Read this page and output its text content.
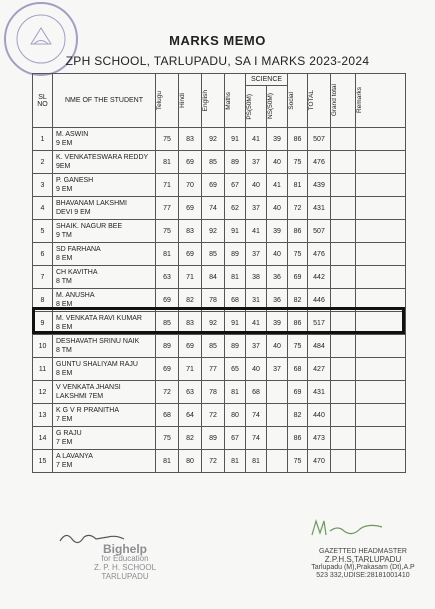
MARKS MEMO
ZPH SCHOOL, TARLUPADU, SA I MARKS 2023-2024
SL NO	NME OF THE STUDENT	Telugu	Hindi	English	Maths	SCIENCE		Social	TOTAL	Grand total	Remarks

						PS(50M)	NS(50M)				

1	M. ASWIN
9 EM	75	83	92	91	41	39	86	507		
2	K. VENKATESWARA REDDY
9EM	81	69	85	89	37	40	75	476		
3	P. GANESH
9 EM	71	70	69	67	40	41	81	439		
4	BHAVANAM LAKSHMI
DEVI 9 EM	77	69	74	62	37	40	72	431		
5	SHAIK. NAGUR BEE
9 TM	75	83	92	91	41	39	86	507		
6	SD FARHANA
8 EM	81	69	85	89	37	40	75	476		
7	CH KAVITHA
8 TM	63	71	84	81	38	36	69	442		
8	M. ANUSHA
8 EM	69	82	78	68	31	36	82	446		
9	M. VENKATA RAVI KUMAR
8 EM	85	83	92	91	41	39	86	517		
10	DESHAVATH SRINU NAIK
8 TM	89	69	85	89	37	40	75	484		
11	GUNTU SHALIYAM RAJU
8 EM	69	71	77	65	40	37	68	427		
12	V VENKATA JHANSI
LAKSHMI 7EM	72	63	78	81	68		69	431		
13	K G V R PRANITHA
7 EM	68	64	72	80	74		82	440		
14	G RAJU
7 EM	75	82	89	67	74		86	473		
15	A LAVANYA
7 EM	81	80	72	81	81		75	470		
Bighelp
for Education
Z. P. H. SCHOOL
TARLUPADU
GAZETTED HEADMASTER
Z.P.H.S,TARLUPADU
Tarlupadu (M),Prakasam (Dt),A.P
523 332,UDISE:28181001410
